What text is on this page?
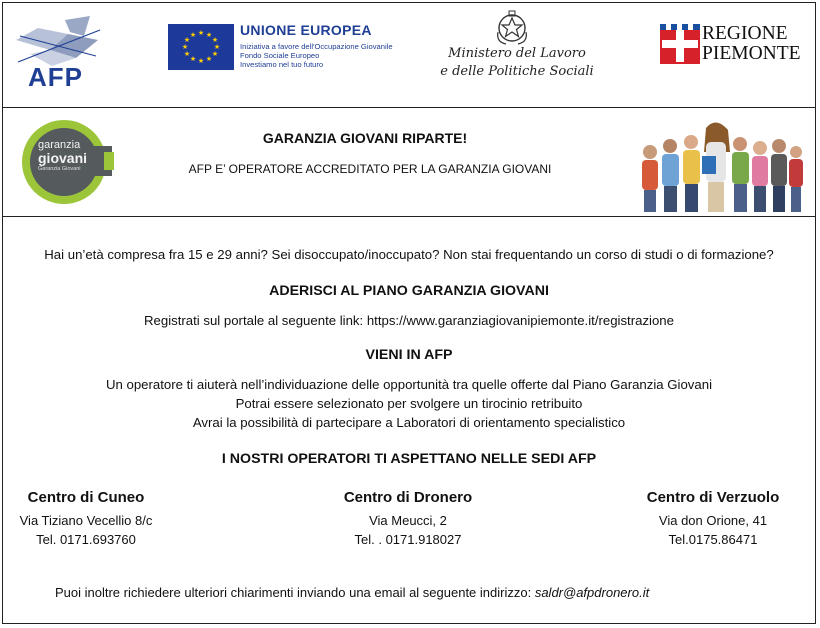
AFP
★ ★
★
★
★
★
★
★
★
★
★
★	UNIONE EUROPEA
Iniziativa a favore dell'Occupazione Giovanile
Fondo Sociale Europeo
Investiamo nel tuo futuro
Ministero del Lavoro
e delle Politiche Sociali
REGIONE
PIEMONTE
garanzia
giovani
Garanzia Giovani
GARANZIA GIOVANI RIPARTE!
AFP E’ OPERATORE ACCREDITATO PER LA GARANZIA GIOVANI
Hai un’età compresa fra 15 e 29 anni? Sei disoccupato/inoccupato? Non stai frequentando un corso di studi o di formazione?
ADERISCI AL PIANO GARANZIA GIOVANI
Registrati sul portale al seguente link: https://www.garanziagiovanipiemonte.it/registrazione
VIENI IN AFP
Un operatore ti aiuterà nell’individuazione delle opportunità tra quelle offerte dal Piano Garanzia Giovani
Potrai essere selezionato per svolgere un tirocinio retribuito
Avrai la possibilità di partecipare a Laboratori di orientamento specialistico
I NOSTRI OPERATORI TI ASPETTANO NELLE SEDI AFP
Centro di Cuneo
Via Tiziano Vecellio 8/c
Tel. 0171.693760
Centro di Dronero
Via Meucci, 2
Tel. . 0171.918027
Centro di Verzuolo
Via don Orione, 41
Tel.0175.86471
Puoi inoltre richiedere ulteriori chiarimenti inviando una email al seguente indirizzo: saldr@afpdronero.it
